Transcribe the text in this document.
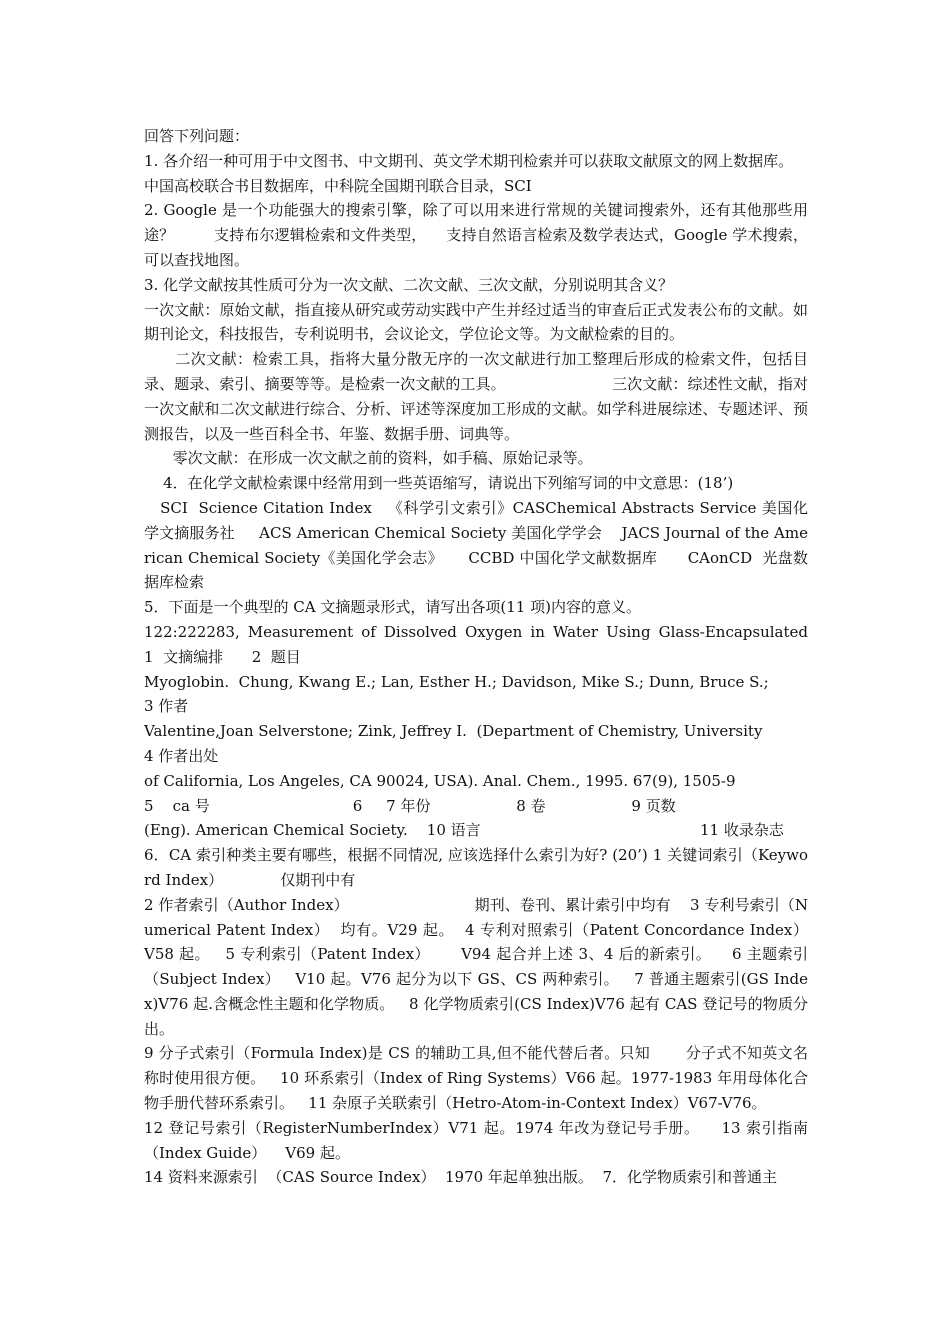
回答下列问题：

1. 各介绍一种可用于中文图书、中文期刊、英文学术期刊检索并可以获取文献原文的网上数据库。

中国高校联合书目数据库，中科院全国期刊联合目录，SCI

2. Google 是一个功能强大的搜索引擎，除了可以用来进行常规的关键词搜索外，还有其他那些用途？        支持布尔逻辑检索和文件类型，    支持自然语言检索及数学表达式，Google 学术搜索，可以查找地图。

3. 化学文献按其性质可分为一次文献、二次文献、三次文献，分别说明其含义？

一次文献：原始文献，指直接从研究或劳动实践中产生并经过适当的审查后正式发表公布的文献。如期刊论文，科技报告，专利说明书，会议论文，学位论文等。为文献检索的目的。

二次文献：检索工具，指将大量分散无序的一次文献进行加工整理后形成的检索文件，包括目录、题录、索引、摘要等等。是检索一次文献的工具。                      三次文献：综述性文献，指对一次文献和二次文献进行综合、分析、评述等深度加工形成的文献。如学科进展综述、专题述评、预测报告，以及一些百科全书、年鉴、数据手册、词典等。

零次文献：在形成一次文献之前的资料，如手稿、原始记录等。

4．在化学文献检索课中经常用到一些英语缩写，请说出下列缩写词的中文意思：(18’)

SCI  Science Citation Index   《科学引文索引》CASChemical Abstracts Service 美国化学文摘服务社     ACS American Chemical Society 美国化学学会    JACS Journal of the American Chemical Society《美国化学会志》     CCBD 中国化学文献数据库      CAonCD  光盘数据库检索

5．下面是一个典型的 CA 文摘题录形式，请写出各项(11 项)内容的意义。

122:222283, Measurement of Dissolved Oxygen in Water Using Glass-Encapsulated     1  文摘编排      2  题目

Myoglobin.  Chung, Kwang E.; Lan, Esther H.; Davidson, Mike S.; Dunn, Bruce S.;

3 作者

Valentine,Joan Selverstone; Zink, Jeffrey I.  (Department of Chemistry, University

4 作者出处

of California, Los Angeles, CA 90024, USA). Anal. Chem., 1995. 67(9), 1505-9

5    ca 号                              6     7 年份                  8 卷                  9 页数

(Eng). American Chemical Society.    10 语言                                              11 收录杂志

6．CA 索引种类主要有哪些，根据不同情况, 应该选择什么索引为好? (20’) 1 关键词索引（Keyword Index）            仅期刊中有

2 作者索引（Author Index）                          期刊、卷刊、累计索引中均有    3 专利号索引（Numerical Patent Index）  均有。V29 起。  4 专利对照索引（Patent Concordance Index）  V58 起。   5 专利索引（Patent Index）      V94 起合并上述 3、4 后的新索引。    6 主题索引（Subject Index）   V10 起。V76 起分为以下 GS、CS 两种索引。   7 普通主题索引(GS Index)V76 起.含概念性主题和化学物质。   8 化学物质索引(CS Index)V76 起有 CAS 登记号的物质分出。

9 分子式索引（Formula Index)是 CS 的辅助工具,但不能代替后者。只知       分子式不知英文名称时使用很方便。   10 环系索引（Index of Ring Systems）V66 起。1977-1983 年用母体化合物手册代替环系索引。   11 杂原子关联索引（Hetro-Atom-in-Context Index）V67-V76。

12 登记号索引（RegisterNumberIndex）V71 起。1974 年改为登记号手册。    13 索引指南（Index Guide）    V69 起。

14 资料来源索引  （CAS Source Index）  1970 年起单独出版。  7．化学物质索引和普通主
